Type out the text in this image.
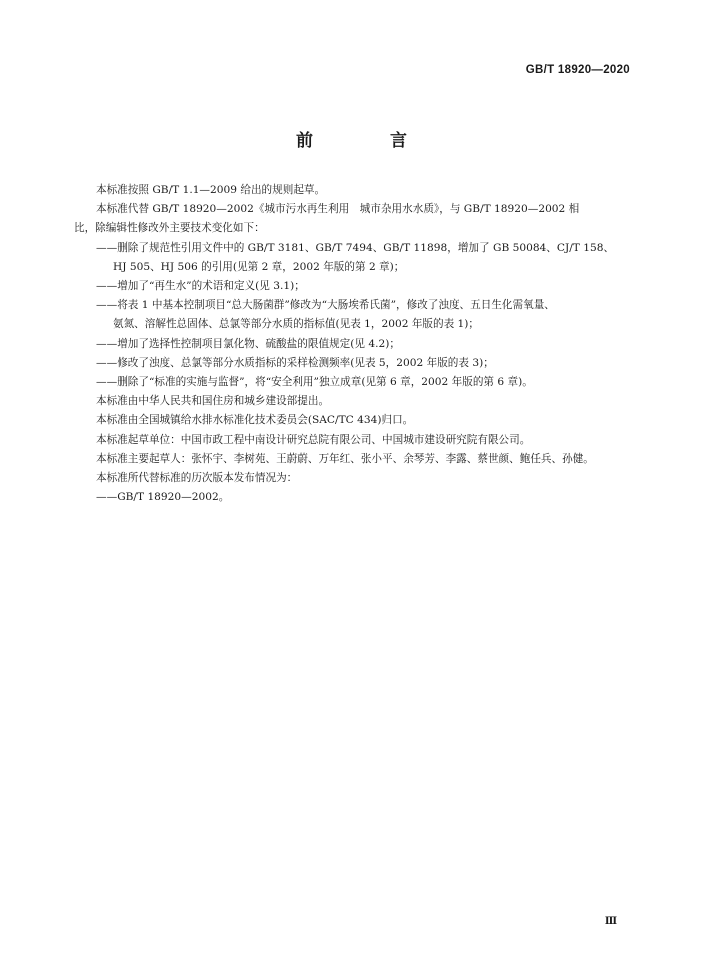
GB/T 18920—2020
前　言

本标准按照 GB/T 1.1—2009 给出的规则起草。

本标准代替 GB/T 18920—2002《城市污水再生利用　城市杂用水水质》，与 GB/T 18920—2002 相

比，除编辑性修改外主要技术变化如下：

——删除了规范性引用文件中的 GB/T 3181、GB/T 7494、GB/T 11898，增加了 GB 50084、CJ/T 158、

HJ 505、HJ 506 的引用(见第 2 章，2002 年版的第 2 章)；

——增加了“再生水”的术语和定义(见 3.1)；

——将表 1 中基本控制项目“总大肠菌群”修改为“大肠埃希氏菌”，修改了浊度、五日生化需氧量、

氨氮、溶解性总固体、总氯等部分水质的指标值(见表 1，2002 年版的表 1)；

——增加了选择性控制项目氯化物、硫酸盐的限值规定(见 4.2)；

——修改了浊度、总氯等部分水质指标的采样检测频率(见表 5，2002 年版的表 3)；

——删除了“标准的实施与监督”，将“安全利用”独立成章(见第 6 章，2002 年版的第 6 章)。

本标准由中华人民共和国住房和城乡建设部提出。

本标准由全国城镇给水排水标准化技术委员会(SAC/TC 434)归口。

本标准起草单位：中国市政工程中南设计研究总院有限公司、中国城市建设研究院有限公司。

本标准主要起草人：张怀宇、李树苑、王蔚蔚、万年红、张小平、余琴芳、李露、蔡世颜、鲍任兵、孙健。

本标准所代替标准的历次版本发布情况为：

——GB/T 18920—2002。

Ⅲ
